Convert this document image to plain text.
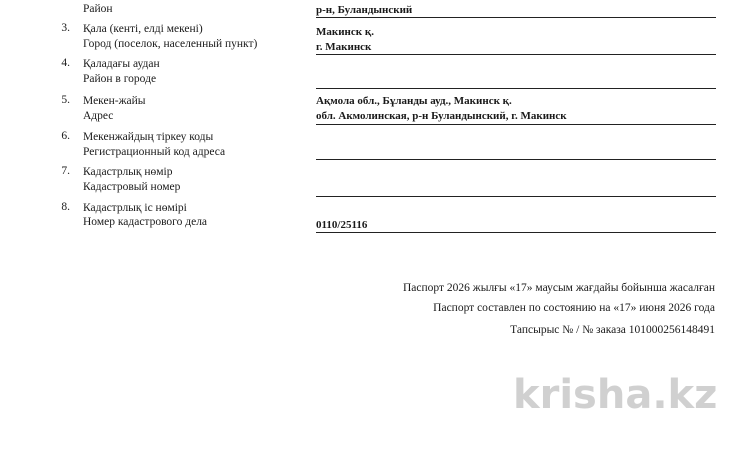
Район	р-н, Буландынский
3. Қала (кенті, елді мекені)
Город (поселок, населенный пункт)
Макинск қ.
г. Макинск
4. Қаладағы аудан
Район в городе
5. Мекен-жайы
Адрес
Ақмола обл., Бұланды ауд., Макинск қ.
обл. Акмолинская, р-н Буландынский, г. Макинск
6. Мекенжайдың тіркеу коды
Регистрационный код адреса
7. Кадастрлық нөмір
Кадастровый номер
8. Кадастрлық іс нөмірі
Номер кадастрового дела	0110/25116
Паспорт 2026 жылғы «17» маусым жағдайы бойынша жасалған
Паспорт составлен по состоянию на «17» июня 2026 года
Тапсырыс № / № заказа 101000256148491
krisha.kz
